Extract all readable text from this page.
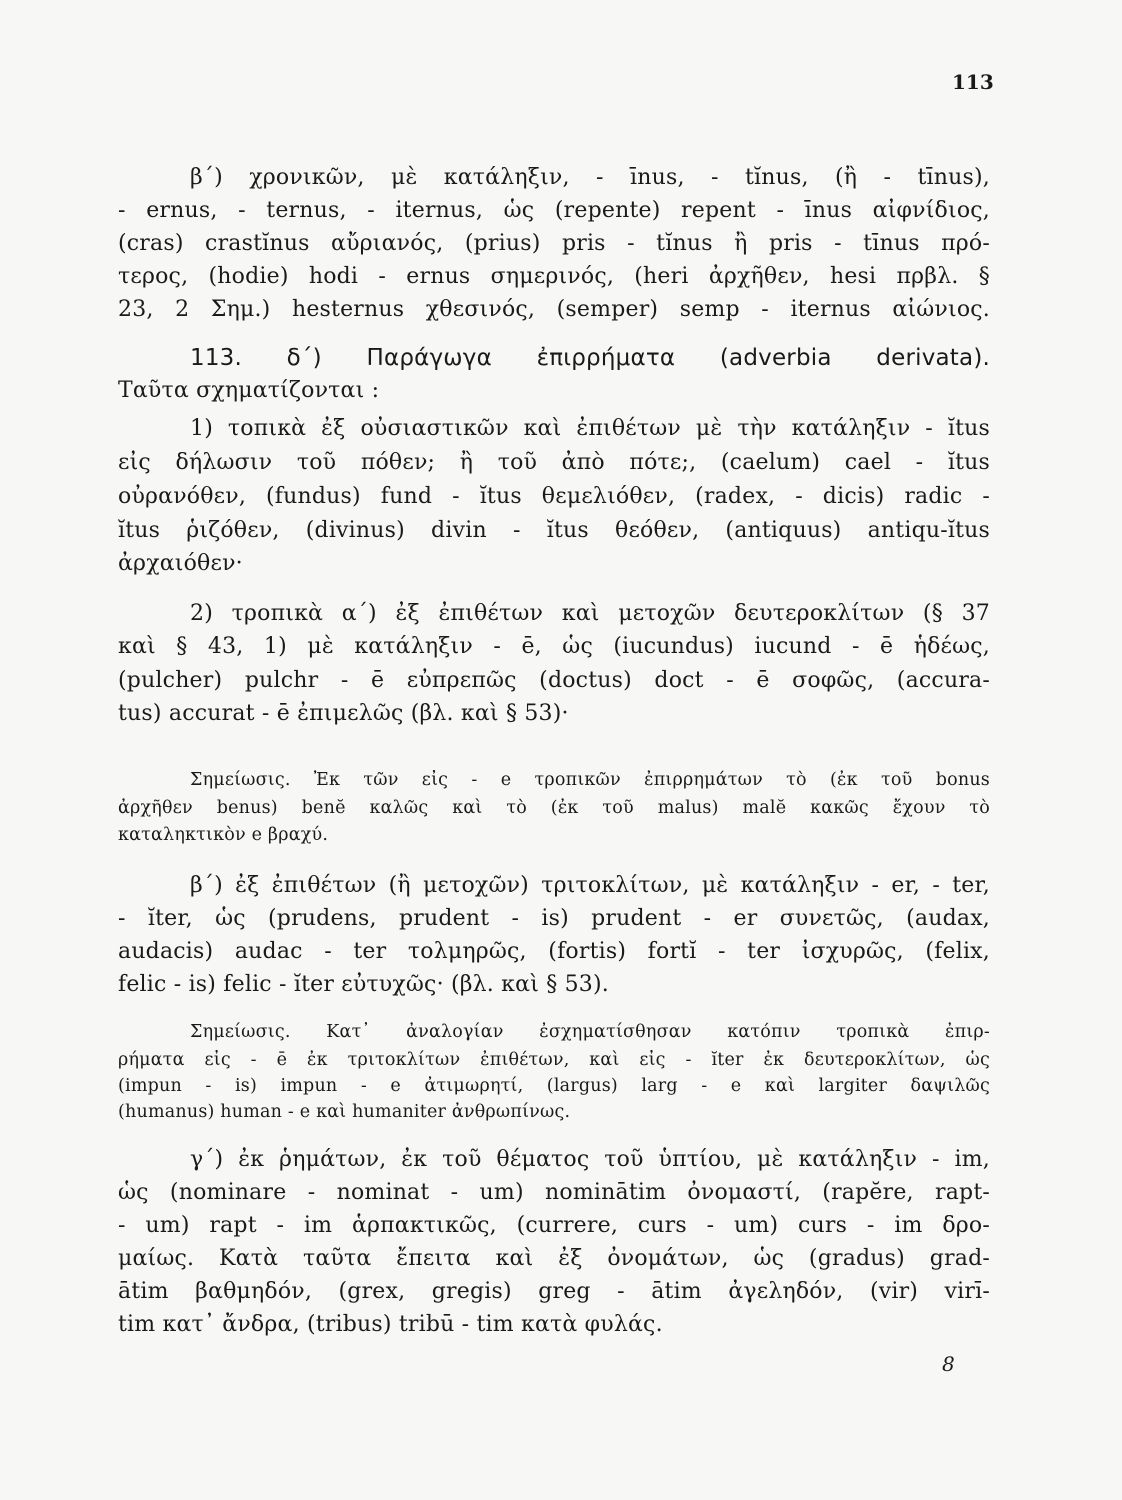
113
β΄) χρονικῶν, μὲ κατάληξιν, - īnus, - tĭnus, (ἢ - tīnus),
- ernus, - ternus, - iternus, ὡς (repente) repent - īnus αἰφνίδιος,
(cras) crastĭnus αὔριανός, (prius) pris - tĭnus ἢ pris - tīnus πρό-
τερος, (hodie) hodi - ernus σημερινός, (heri ἀρχῆθεν, hesi πρβλ. §
23, 2 Σημ.) hesternus χθεσινός, (semper) semp - iternus αἰώνιος.
113. δ΄) Παράγωγα ἐπιρρήματα (adverbia derivata).
Ταῦτα σχηματίζονται :
1) τοπικὰ ἐξ οὐσιαστικῶν καὶ ἐπιθέτων μὲ τὴν κατάληξιν - ĭtus
εἰς δήλωσιν τοῦ πόθεν; ἢ τοῦ ἀπὸ πότε;, (caelum) cael - ĭtus
οὐρανόθεν, (fundus) fund - ĭtus θεμελιόθεν, (radex, - dicis) radic -
ĭtus ῥιζόθεν, (divinus) divin - ĭtus θεόθεν, (antiquus) antiqu-ĭtus
ἀρχαιόθεν·
2) τροπικὰ α΄) ἐξ ἐπιθέτων καὶ μετοχῶν δευτεροκλίτων (§ 37
καὶ § 43, 1) μὲ κατάληξιν - ē, ὡς (iucundus) iucund - ē ἡδέως,
(pulcher) pulchr - ē εὐπρεπῶς (doctus) doct - ē σοφῶς, (accura-
tus) accurat - ē ἐπιμελῶς (βλ. καὶ § 53)·
Σημείωσις. Ἐκ τῶν εἰς - e τροπικῶν ἐπιρρημάτων τὸ (ἐκ τοῦ bonus
ἀρχῆθεν benus) benĕ καλῶς καὶ τὸ (ἐκ τοῦ malus) malĕ κακῶς ἔχουν τὸ
καταληκτικὸν e βραχύ.
β΄) ἐξ ἐπιθέτων (ἢ μετοχῶν) τριτοκλίτων, μὲ κατάληξιν - er, - ter,
- ĭter, ὡς (prudens, prudent - is) prudent - er συνετῶς, (audax,
audacis) audac - ter τολμηρῶς, (fortis) fortĭ - ter ἰσχυρῶς, (felix,
felic - is) felic - ĭter εὐτυχῶς· (βλ. καὶ § 53).
Σημείωσις. Κατ᾽ ἀναλογίαν ἐσχηματίσθησαν κατόπιν τροπικὰ ἐπιρ-
ρήματα εἰς - ē ἐκ τριτοκλίτων ἐπιθέτων, καὶ εἰς - ĭter ἐκ δευτεροκλίτων, ὡς
(impun - is) impun - e ἀτιμωρητί, (largus) larg - e καὶ largiter δαψιλῶς
(humanus) human - e καὶ humaniter ἀνθρωπίνως.
γ΄) ἐκ ῥημάτων, ἐκ τοῦ θέματος τοῦ ὑπτίου, μὲ κατάληξιν - im,
ὡς (nominare - nominat - um) nominātim ὀνομαστί, (rapĕre, rapt-
- um) rapt - im ἁρπακτικῶς, (currere, curs - um) curs - im δρο-
μαίως. Κατὰ ταῦτα ἔπειτα καὶ ἐξ ὀνομάτων, ὡς (gradus) grad-
ātim βαθμηδόν, (grex, gregis) greg - ātim ἀγεληδόν, (vir) virī-
tim κατ᾽ ἄνδρα, (tribus) tribū - tim κατὰ φυλάς.
8
